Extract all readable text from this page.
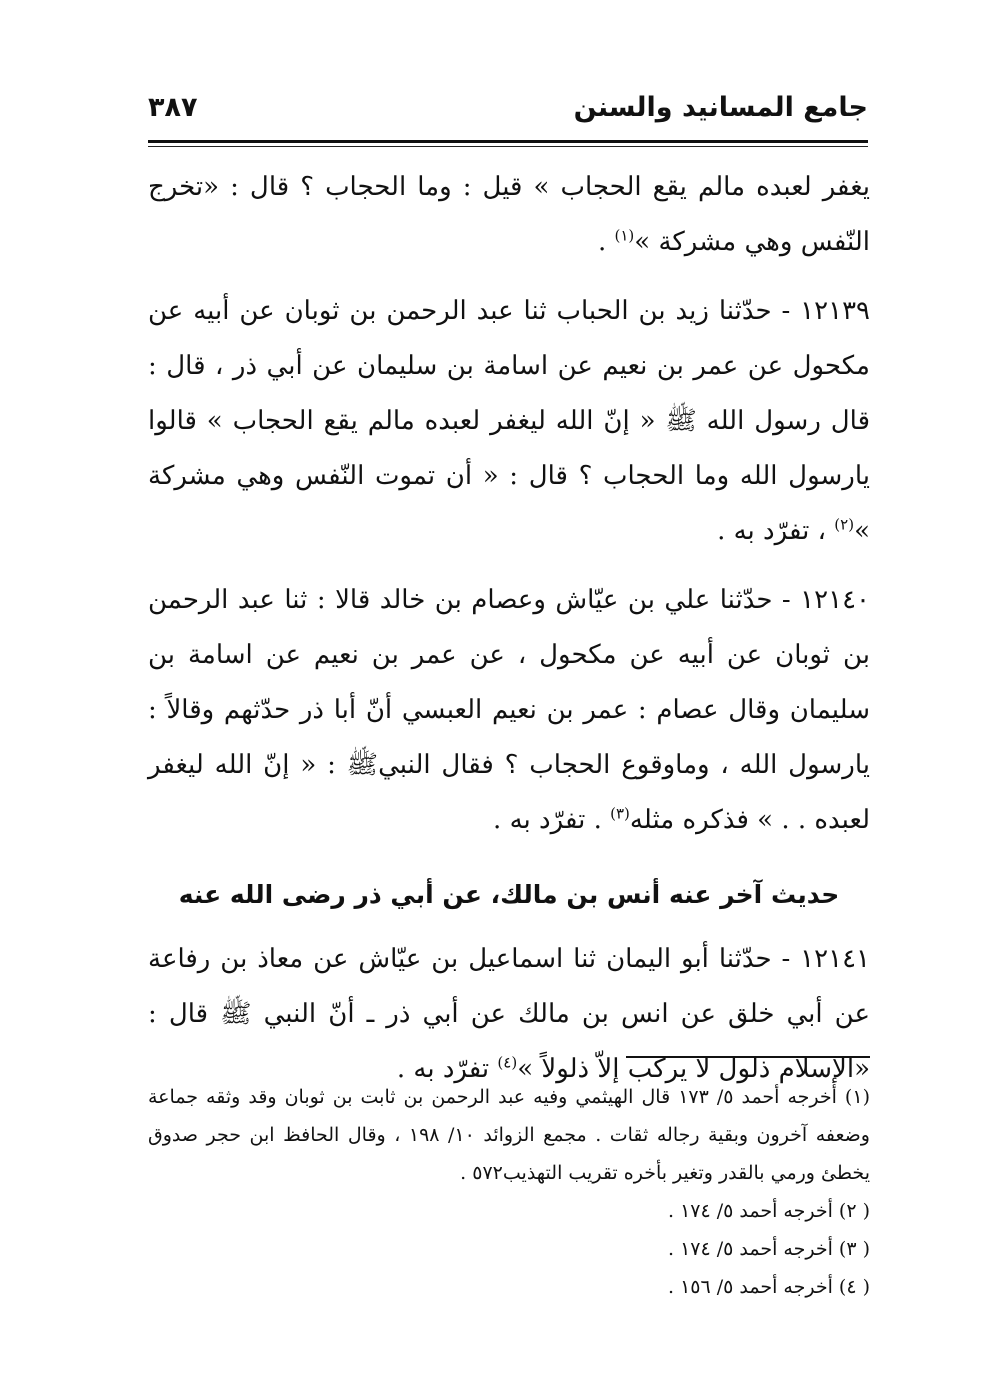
جامع المسانيد والسنن
٣٨٧

يغفر لعبده مالم يقع الحجاب » قيل : وما الحجاب ؟ قال : «تخرج النّفس وهي مشركة »$^{(١)}$ .

١٢١٣٩ - حدّثنا زيد بن الحباب ثنا عبد الرحمن بن ثوبان عن أبيه عن مكحول عن عمر بن نعيم عن اسامة بن سليمان عن أبي ذر ، قال : قال رسول الله ﷺ « إنّ الله ليغفر لعبده مالم يقع الحجاب » قالوا يارسول الله وما الحجاب ؟ قال : « أن تموت النّفس وهي مشركة »$^{(٢)}$ ، تفرّد به .

١٢١٤٠ - حدّثنا علي بن عيّاش وعصام بن خالد قالا : ثنا عبد الرحمن بن ثوبان عن أبيه عن مكحول ، عن عمر بن نعيم عن اسامة بن سليمان وقال عصام : عمر بن نعيم العبسي أنّ أبا ذر حدّثهم وقالاً : يارسول الله ، وماوقوع الحجاب ؟ فقال النبيﷺ : « إنّ الله ليغفر لعبده . . » فذكره مثله$^{(٣)}$ . تفرّد به .

حديث آخر عنه أنس بن مالك، عن أبي ذر رضى الله عنه

١٢١٤١ - حدّثنا أبو اليمان ثنا اسماعيل بن عيّاش عن معاذ بن رفاعة عن أبي خلق عن انس بن مالك عن أبي ذر ـ أنّ النبي ﷺ قال : «الإسلام ذلول لا يركب إلاّ ذلولاً »$^{(٤)}$ تفرّد به .

(١) أخرجه أحمد ٥/ ١٧٣ قال الهيثمي وفيه عبد الرحمن بن ثابت بن ثوبان وقد وثقه جماعة وضعفه آخرون وبقية رجاله ثقات . مجمع الزوائد ١٠/ ١٩٨ ، وقال الحافظ ابن حجر صدوق يخطئ ورمي بالقدر وتغير بأخره تقريب التهذيب٥٧٢ .

( ٢) أخرجه أحمد ٥/ ١٧٤ .

( ٣) أخرجه أحمد ٥/ ١٧٤ .

( ٤) أخرجه أحمد ٥/ ١٥٦ .
